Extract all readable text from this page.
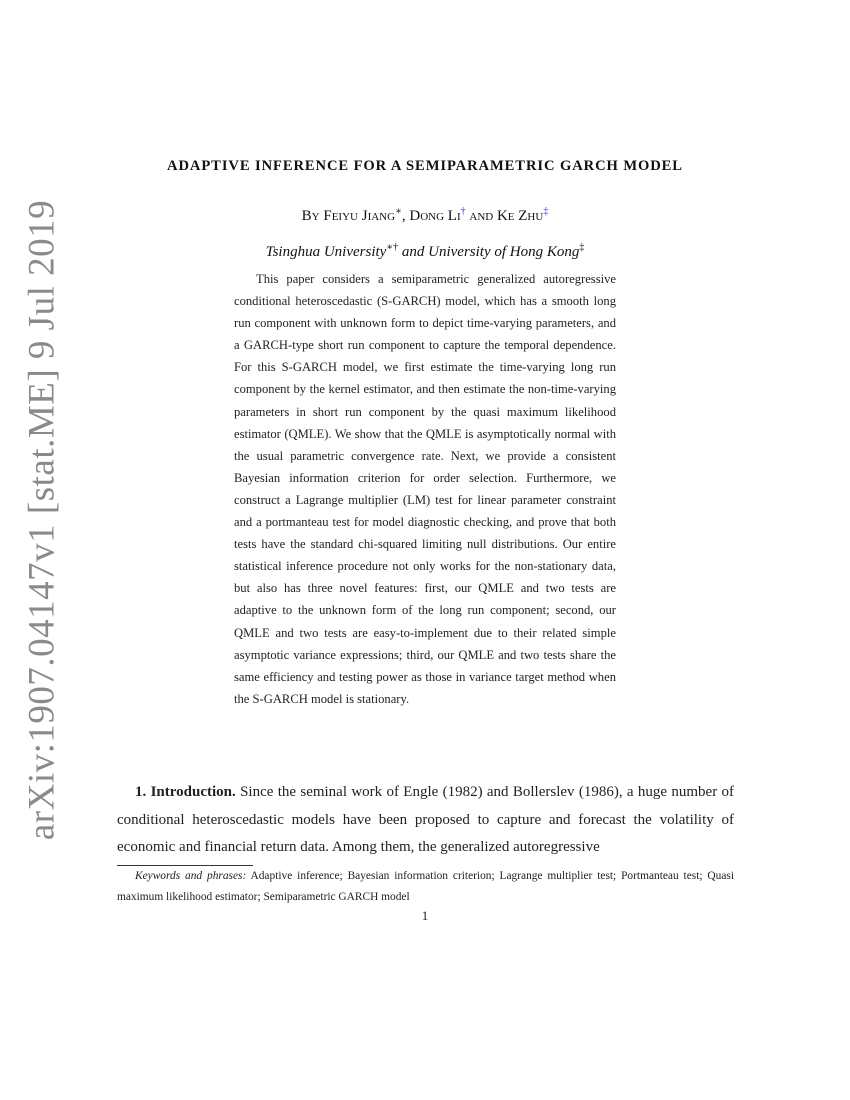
arXiv:1907.04147v1 [stat.ME] 9 Jul 2019
ADAPTIVE INFERENCE FOR A SEMIPARAMETRIC GARCH MODEL
By Feiyu Jiang∗, Dong Li† and Ke Zhu‡
Tsinghua University∗† and University of Hong Kong‡
This paper considers a semiparametric generalized autoregressive conditional heteroscedastic (S-GARCH) model, which has a smooth long run component with unknown form to depict time-varying parameters, and a GARCH-type short run component to capture the temporal dependence. For this S-GARCH model, we first estimate the time-varying long run component by the kernel estimator, and then estimate the non-time-varying parameters in short run component by the quasi maximum likelihood estimator (QMLE). We show that the QMLE is asymptotically normal with the usual parametric convergence rate. Next, we provide a consistent Bayesian information criterion for order selection. Furthermore, we construct a Lagrange multiplier (LM) test for linear parameter constraint and a portmanteau test for model diagnostic checking, and prove that both tests have the standard chi-squared limiting null distributions. Our entire statistical inference procedure not only works for the non-stationary data, but also has three novel features: first, our QMLE and two tests are adaptive to the unknown form of the long run component; second, our QMLE and two tests are easy-to-implement due to their related simple asymptotic variance expressions; third, our QMLE and two tests share the same efficiency and testing power as those in variance target method when the S-GARCH model is stationary.
1. Introduction. Since the seminal work of Engle (1982) and Bollerslev (1986), a huge number of conditional heteroscedastic models have been proposed to capture and forecast the volatility of economic and financial return data. Among them, the generalized autoregressive
Keywords and phrases: Adaptive inference; Bayesian information criterion; Lagrange multiplier test; Portmanteau test; Quasi maximum likelihood estimator; Semiparametric GARCH model
1
